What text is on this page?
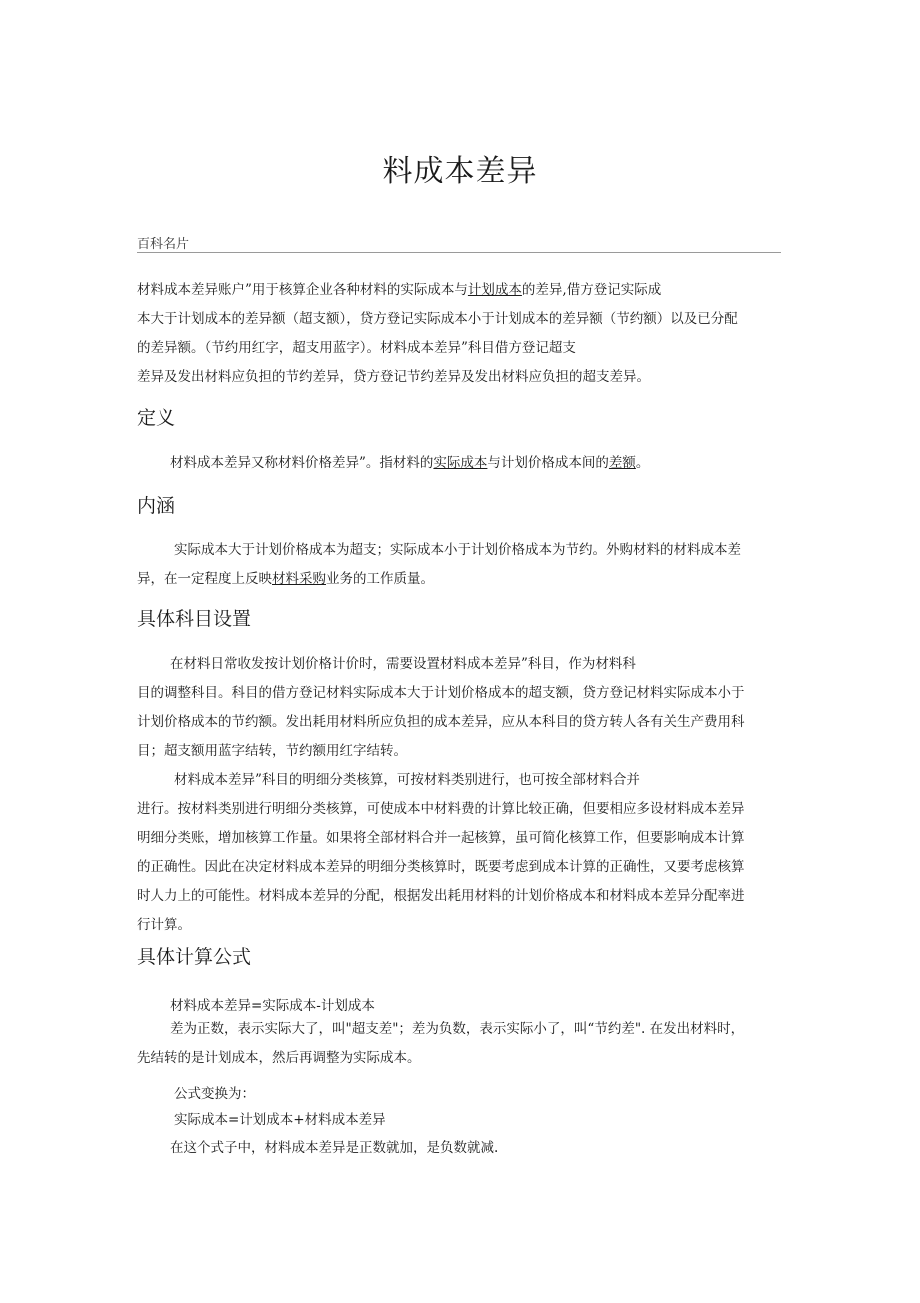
料成本差异
百科名片

材料成本差异账户”用于核算企业各种材料的实际成本与计划成本的差异,借方登记实际成

本大于计划成本的差异额（超支额），贷方登记实际成本小于计划成本的差异额（节约额）以及已分配

的差异额。（节约用红字，超支用蓝字）。材料成本差异”科目借方登记超支

差异及发出材料应负担的节约差异，贷方登记节约差异及发出材料应负担的超支差异。

定义

材料成本差异又称材料价格差异”。指材料的实际成本与计划价格成本间的差额。

内涵

实际成本大于计划价格成本为超支；实际成本小于计划价格成本为节约。外购材料的材料成本差

异，在一定程度上反映材料采购业务的工作质量。

具体科目设置

在材料日常收发按计划价格计价时，需要设置材料成本差异”科目，作为材料科

目的调整科目。科目的借方登记材料实际成本大于计划价格成本的超支额，贷方登记材料实际成本小于

计划价格成本的节约额。发出耗用材料所应负担的成本差异，应从本科目的贷方转人各有关生产费用科

目；超支额用蓝字结转，节约额用红字结转。

材料成本差异”科目的明细分类核算，可按材料类别进行，也可按全部材料合并

进行。按材料类别进行明细分类核算，可使成本中材料费的计算比较正确，但要相应多设材料成本差异

明细分类账，增加核算工作量。如果将全部材料合并一起核算，虽可简化核算工作，但要影响成本计算

的正确性。因此在决定材料成本差异的明细分类核算时，既要考虑到成本计算的正确性，又要考虑核算

时人力上的可能性。材料成本差异的分配，根据发出耗用材料的计划价格成本和材料成本差异分配率进

行计算。

具体计算公式
材料成本差异=实际成本-计划成本

差为正数，表示实际大了，叫"超支差"；差为负数，表示实际小了，叫“节约差". 在发出材料时，

先结转的是计划成本，然后再调整为实际成本。

公式变换为：
实际成本=计划成本+材料成本差异
在这个式子中，材料成本差异是正数就加，是负数就减.
